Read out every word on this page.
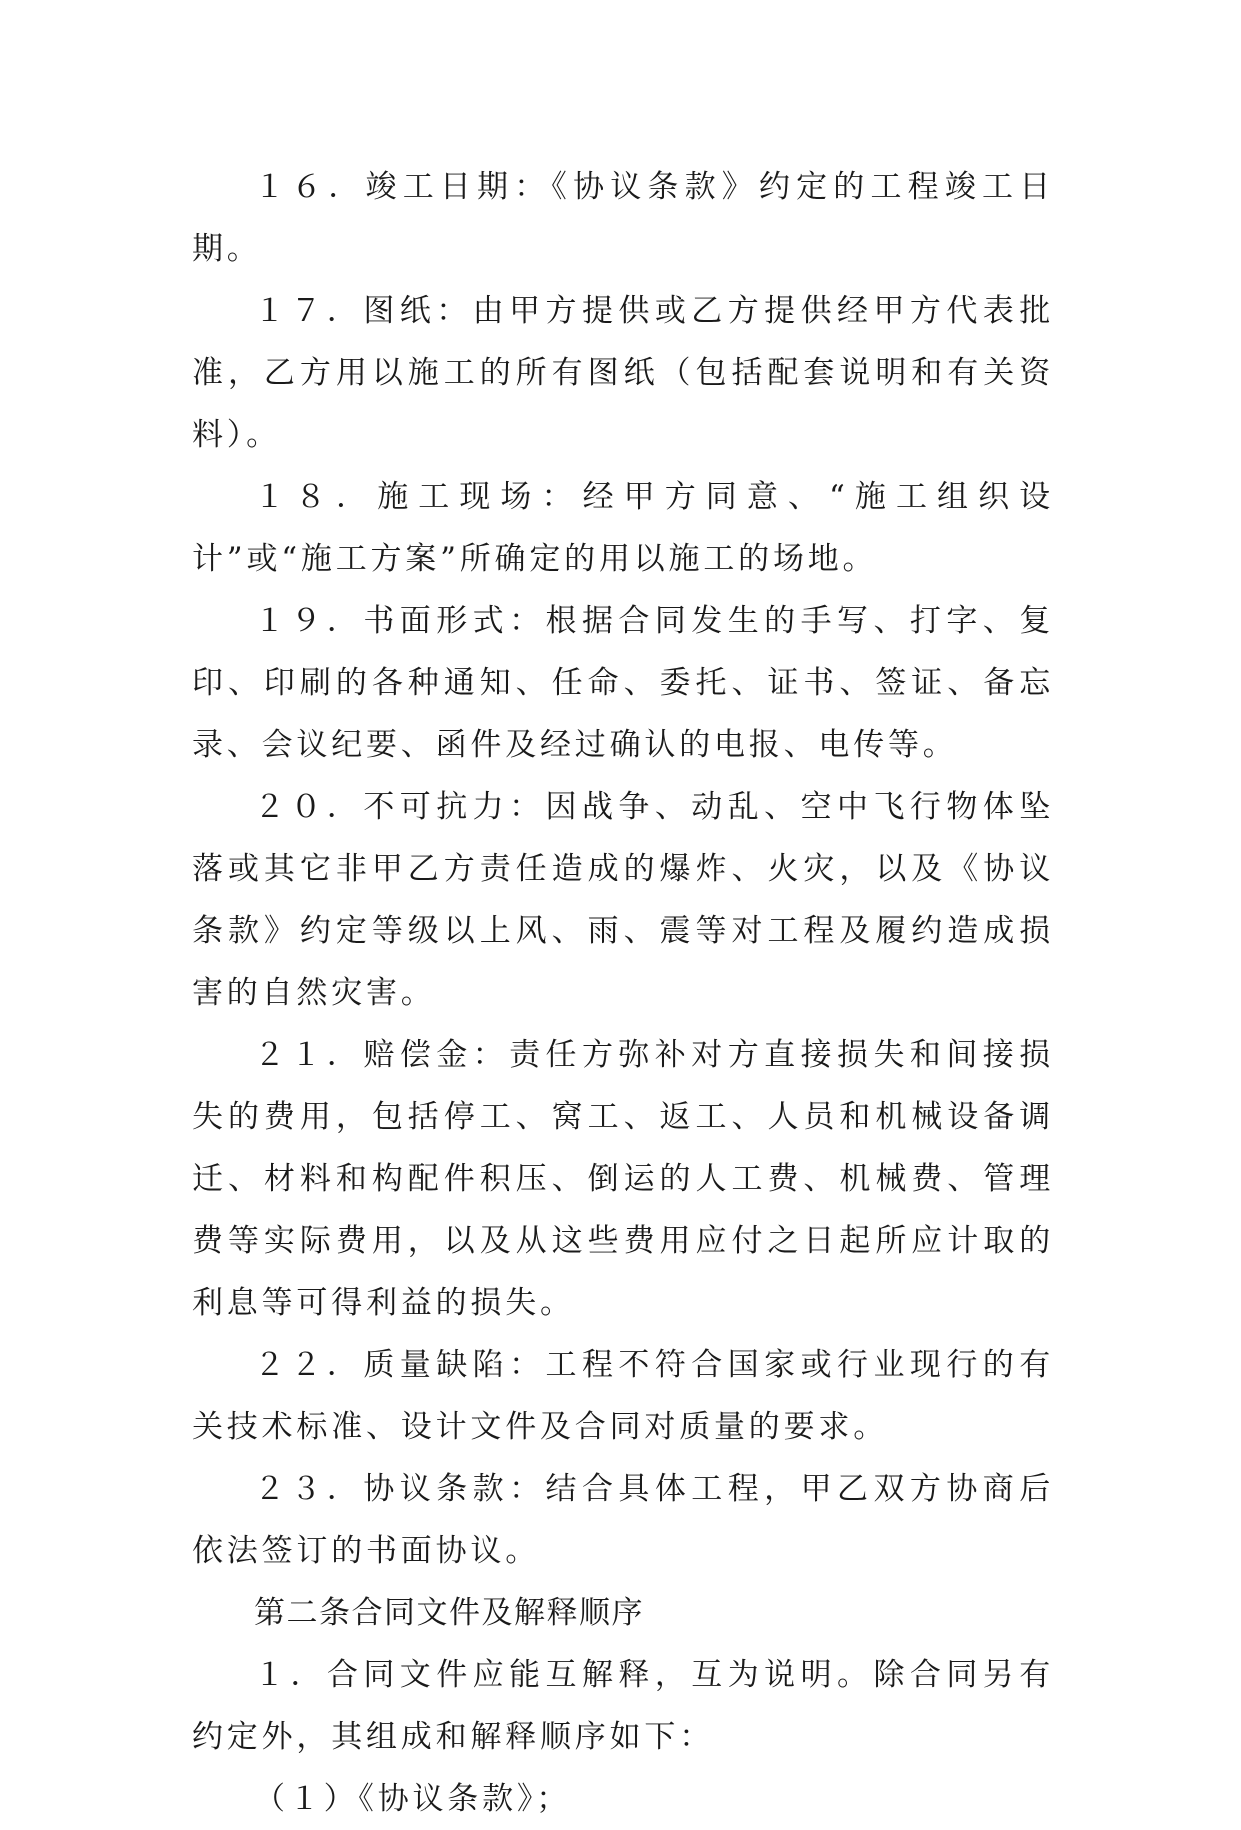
１６．竣工日期：《协议条款》约定的工程竣工日期。

１７．图纸：由甲方提供或乙方提供经甲方代表批准，乙方用以施工的所有图纸（包括配套说明和有关资料）。

１８．施工现场：经甲方同意、“施工组织设计”或“施工方案”所确定的用以施工的场地。

１９．书面形式：根据合同发生的手写、打字、复印、印刷的各种通知、任命、委托、证书、签证、备忘录、会议纪要、函件及经过确认的电报、电传等。

２０．不可抗力：因战争、动乱、空中飞行物体坠落或其它非甲乙方责任造成的爆炸、火灾，以及《协议条款》约定等级以上风、雨、震等对工程及履约造成损害的自然灾害。

２１．赔偿金：责任方弥补对方直接损失和间接损失的费用，包括停工、窝工、返工、人员和机械设备调迁、材料和构配件积压、倒运的人工费、机械费、管理费等实际费用，以及从这些费用应付之日起所应计取的利息等可得利益的损失。

２２．质量缺陷：工程不符合国家或行业现行的有关技术标准、设计文件及合同对质量的要求。

２３．协议条款：结合具体工程，甲乙双方协商后依法签订的书面协议。

第二条合同文件及解释顺序

１．合同文件应能互解释，互为说明。除合同另有约定外，其组成和解释顺序如下：

（１）《协议条款》；
